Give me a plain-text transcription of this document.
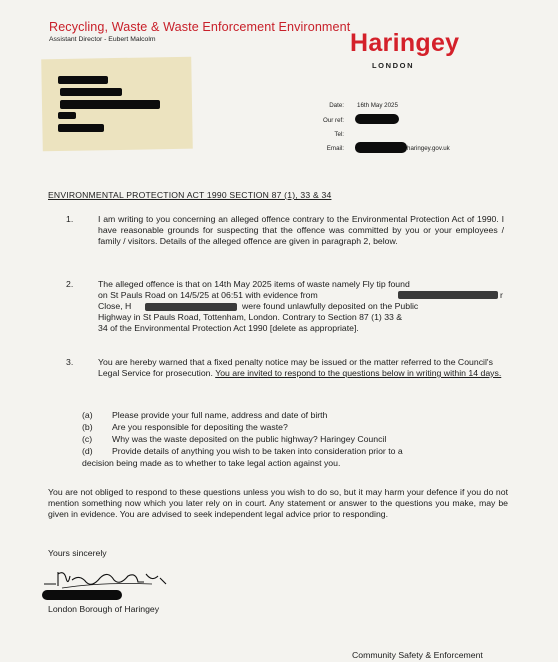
Recycling, Waste & Waste Enforcement Environment
Assistant Director - Eubert Malcolm	Haringey
LONDON
Date: 16th May 2025
Our ref:
Tel:
Email:	haringey.gov.uk
ENVIRONMENTAL PROTECTION ACT 1990 SECTION 87 (1), 33 & 34
1.	I am writing to you concerning an alleged offence contrary to the Environmental Protection Act of 1990. I have reasonable grounds for suspecting that the offence was committed by you or your employees / family / visitors. Details of the alleged offence are given in paragraph 2, below.
2.	The alleged offence is that on 14th May 2025 items of waste namely Fly tip found
on St Pauls Road on 14/5/25 at 06:51 with evidence from	r
Close, H	were found unlawfully deposited on the Public
Highway in St Pauls Road, Tottenham, London. Contrary to Section 87 (1) 33 &
34 of the Environmental Protection Act 1990 [delete as appropriate].
3.	You are hereby warned that a fixed penalty notice may be issued or the matter referred to the Council's Legal Service for prosecution. You are invited to respond to the questions below in writing within 14 days.
(a) Please provide your full name, address and date of birth
(b) Are you responsible for depositing the waste?
(c) Why was the waste deposited on the public highway? Haringey Council
(d) Provide details of anything you wish to be taken into consideration prior to a
decision being made as to whether to take legal action against you.
You are not obliged to respond to these questions unless you wish to do so, but it may harm your defence if you do not mention something now which you later rely on in court. Any statement or answer to the questions you make, may be given in evidence. You are advised to seek independent legal advice prior to responding.
Yours sincerely
London Borough of Haringey
Community Safety & Enforcement
